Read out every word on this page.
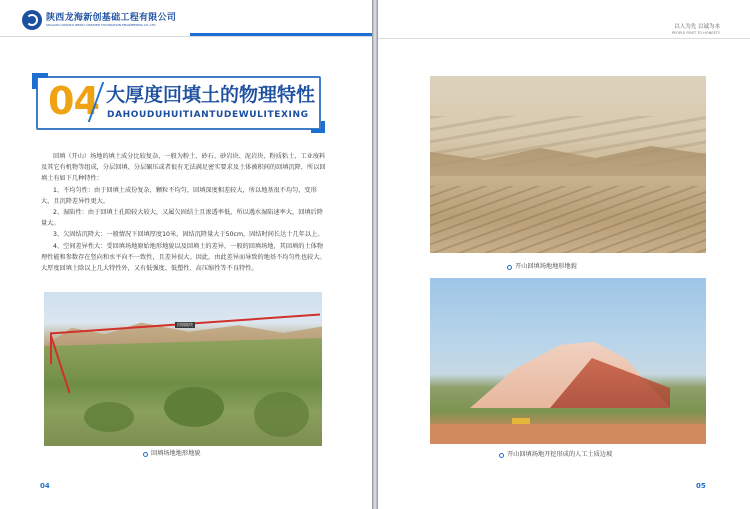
陕西龙海新创基础工程有限公司
SHAANXI LONGHAI NEWLY CREATED FOUNDATION ENGINEERING CO.,LTD
04 大厚度回填土的物理特性
DAHOUDUHUITIANTUDEWULITEXING

回填（开山）场地的填土成分比较复杂，一般为粉土、砂石、砂岩块、泥岩块、粉质粘土、工业废料及其它有机物等组成，分层回填、分层碾压或者很有无法满足密实要求及土体被积间的回填沉降，所以回填土有如下几种特性：

1、不均匀性：由于回填土成份复杂，颗粒不均匀，回填深度相差较大，所以地基很不均匀，变形大，且沉降差异性更大。

2、湿陷性：由于回填土孔隙较大较大，又属欠固结土且渗透率低，所以遇水湿陷速率大，回填后降量大。

3、欠固结沉降大：一般情况下回填厚度10米，固结沉降量大于50cm，固结时间长达十几年以上。

4、空间差异性大：受回填场地原始地形地貌以及回填土的差异，一般的回填场地，其回填的土体物理性能和参数存在竖向和水平向不一致性，且差异很大。因此，由此差异而导致的地基不均匀性也较大。大厚度回填土除以上几大特性外，又有低强度、低塑性、高压缩性等不良特性。

回填地块
回填场地地形地貌
04
以人为先 以诚为本
PEOPLE FIRST TO HONESTY
开山回填场地地形地貌
开山回填场地开挖形成的人工土质边坡
05
